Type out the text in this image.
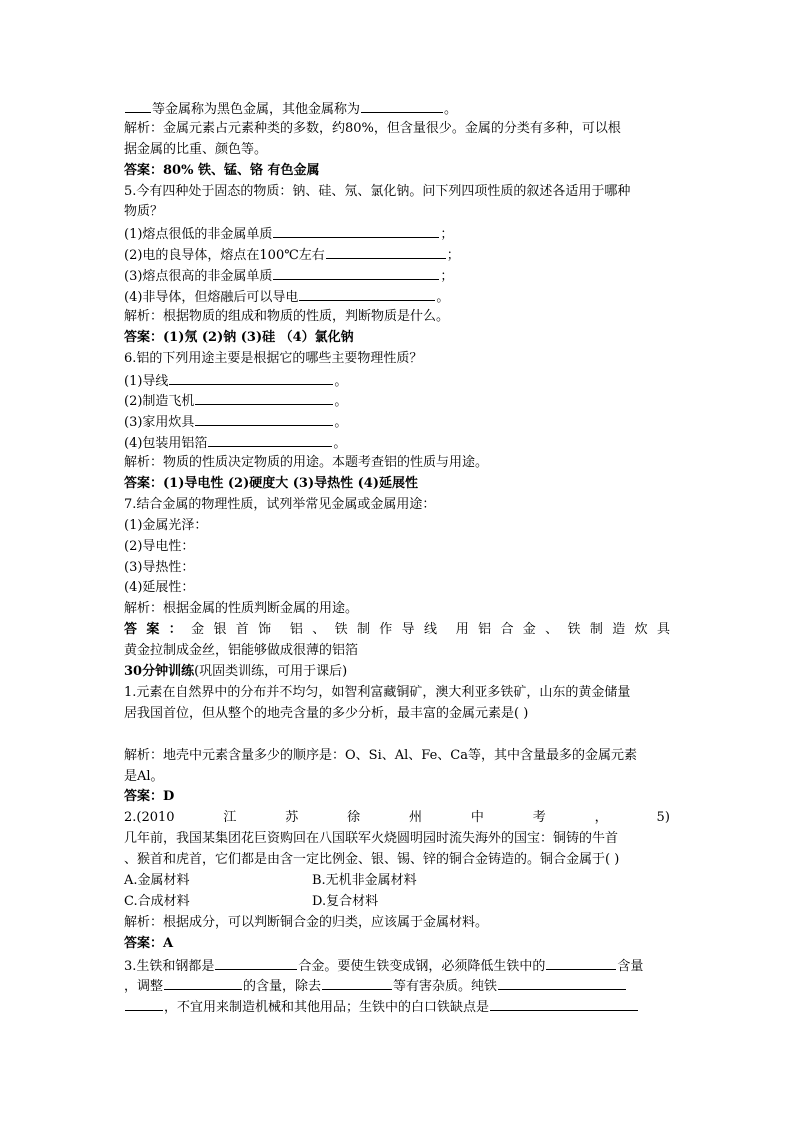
等金属称为黑色金属，其他金属称为	。
解析：金属元素占元素种类的多数，约80%，但含量很少。金属的分类有多种，可以根
据金属的比重、颜色等。
答案：80% 铁、锰、铬 有色金属
5.今有四种处于固态的物质：钠、硅、氖、氯化钠。问下列四项性质的叙述各适用于哪种
物质？
(1)熔点很低的非金属单质	；
(2)电的良导体，熔点在100℃左右	；
(3)熔点很高的非金属单质	；
(4)非导体，但熔融后可以导电	。
解析：根据物质的组成和物质的性质，判断物质是什么。
答案：(1)氖 (2)钠 (3)硅 （4）氯化钠
6.铝的下列用途主要是根据它的哪些主要物理性质？
(1)导线	。
(2)制造飞机	。
(3)家用炊具	。
(4)包装用铝箔	。
解析：物质的性质决定物质的用途。本题考查铝的性质与用途。
答案：(1)导电性 (2)硬度大 (3)导热性 (4)延展性
7.结合金属的物理性质，试列举常见金属或金属用途：
(1)金属光泽：
(2)导电性：
(3)导热性：
(4)延展性：
解析：根据金属的性质判断金属的用途。
答 案 ： 金 银 首 饰 铝 、 铁 制 作 导 线 用 铝 合 金 、 铁 制 造 炊 具
黄金拉制成金丝，铝能够做成很薄的铝箔
30分钟训练(巩固类训练，可用于课后)
1.元素在自然界中的分布并不均匀，如智利富藏铜矿，澳大利亚多铁矿，山东的黄金储量
居我国首位，但从整个的地壳含量的多少分析，最丰富的金属元素是( )
解析：地壳中元素含量多少的顺序是：O、Si、Al、Fe、Ca等，其中含量最多的金属元素
是Al。
答案：D
2.(2010	江	苏	徐	州	中	考	，	5)
几年前，我国某集团花巨资购回在八国联军火烧圆明园时流失海外的国宝：铜铸的牛首
、猴首和虎首，它们都是由含一定比例金、银、锡、锌的铜合金铸造的。铜合金属于( )
A.金属材料	B.无机非金属材料
C.合成材料	D.复合材料
解析：根据成分，可以判断铜合金的归类，应该属于金属材料。
答案：A
3.生铁和钢都是	合金。要使生铁变成钢，必须降低生铁中的	含量
，调整	的含量，除去	等有害杂质。纯铁
，不宜用来制造机械和其他用品；生铁中的白口铁缺点是
